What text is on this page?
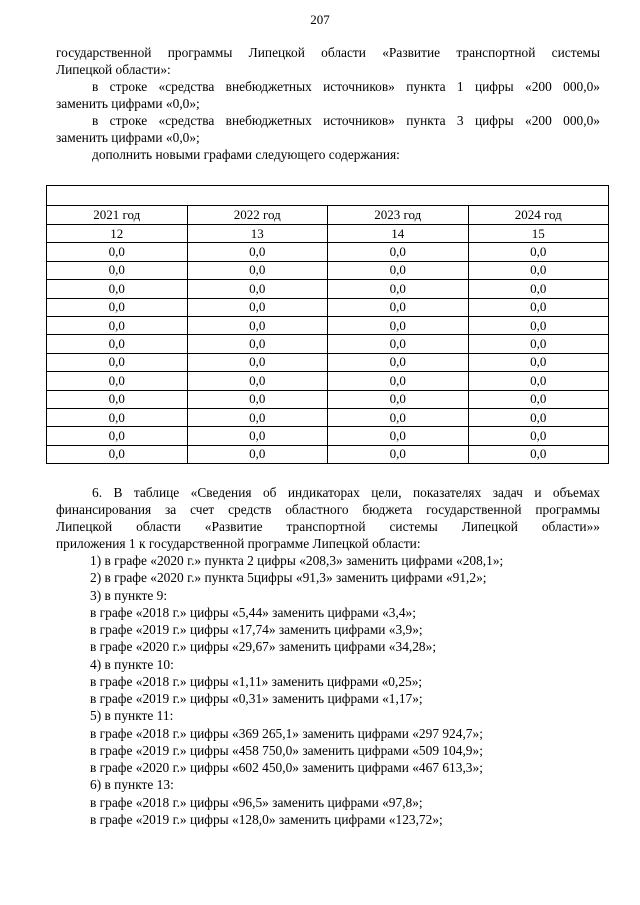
207
государственной программы Липецкой области «Развитие транспортной системы
Липецкой области»:
в строке «средства внебюджетных источников» пункта 1 цифры «200 000,0»
заменить цифрами «0,0»;
в строке «средства внебюджетных источников» пункта 3 цифры «200 000,0»
заменить цифрами «0,0»;
дополнить новыми графами следующего содержания:

2021 год	2022 год	2023 год	2024 год
12	13	14	15
0,0	0,0	0,0	0,0
0,0	0,0	0,0	0,0
0,0	0,0	0,0	0,0
0,0	0,0	0,0	0,0
0,0	0,0	0,0	0,0
0,0	0,0	0,0	0,0
0,0	0,0	0,0	0,0
0,0	0,0	0,0	0,0
0,0	0,0	0,0	0,0
0,0	0,0	0,0	0,0
0,0	0,0	0,0	0,0
0,0	0,0	0,0	0,0
6. В таблице «Сведения об индикаторах цели, показателях задач и объемах
финансирования за счет средств областного бюджета государственной программы
Липецкой области «Развитие транспортной системы Липецкой области»»
приложения 1 к государственной программе Липецкой области:
1) в графе «2020 г.» пункта 2 цифры «208,3» заменить цифрами «208,1»;
2) в графе «2020 г.» пункта 5цифры «91,3» заменить цифрами «91,2»;
3) в пункте 9:
в графе «2018 г.» цифры «5,44» заменить цифрами «3,4»;
в графе «2019 г.» цифры «17,74» заменить цифрами «3,9»;
в графе «2020 г.» цифры «29,67» заменить цифрами «34,28»;
4) в пункте 10:
в графе «2018 г.» цифры «1,11» заменить цифрами «0,25»;
в графе «2019 г.» цифры «0,31» заменить цифрами «1,17»;
5) в пункте 11:
в графе «2018 г.» цифры «369 265,1» заменить цифрами «297 924,7»;
в графе «2019 г.» цифры «458 750,0» заменить цифрами «509 104,9»;
в графе «2020 г.» цифры «602 450,0» заменить цифрами «467 613,3»;
6) в пункте 13:
в графе «2018 г.» цифры «96,5» заменить цифрами «97,8»;
в графе «2019 г.» цифры «128,0» заменить цифрами «123,72»;
